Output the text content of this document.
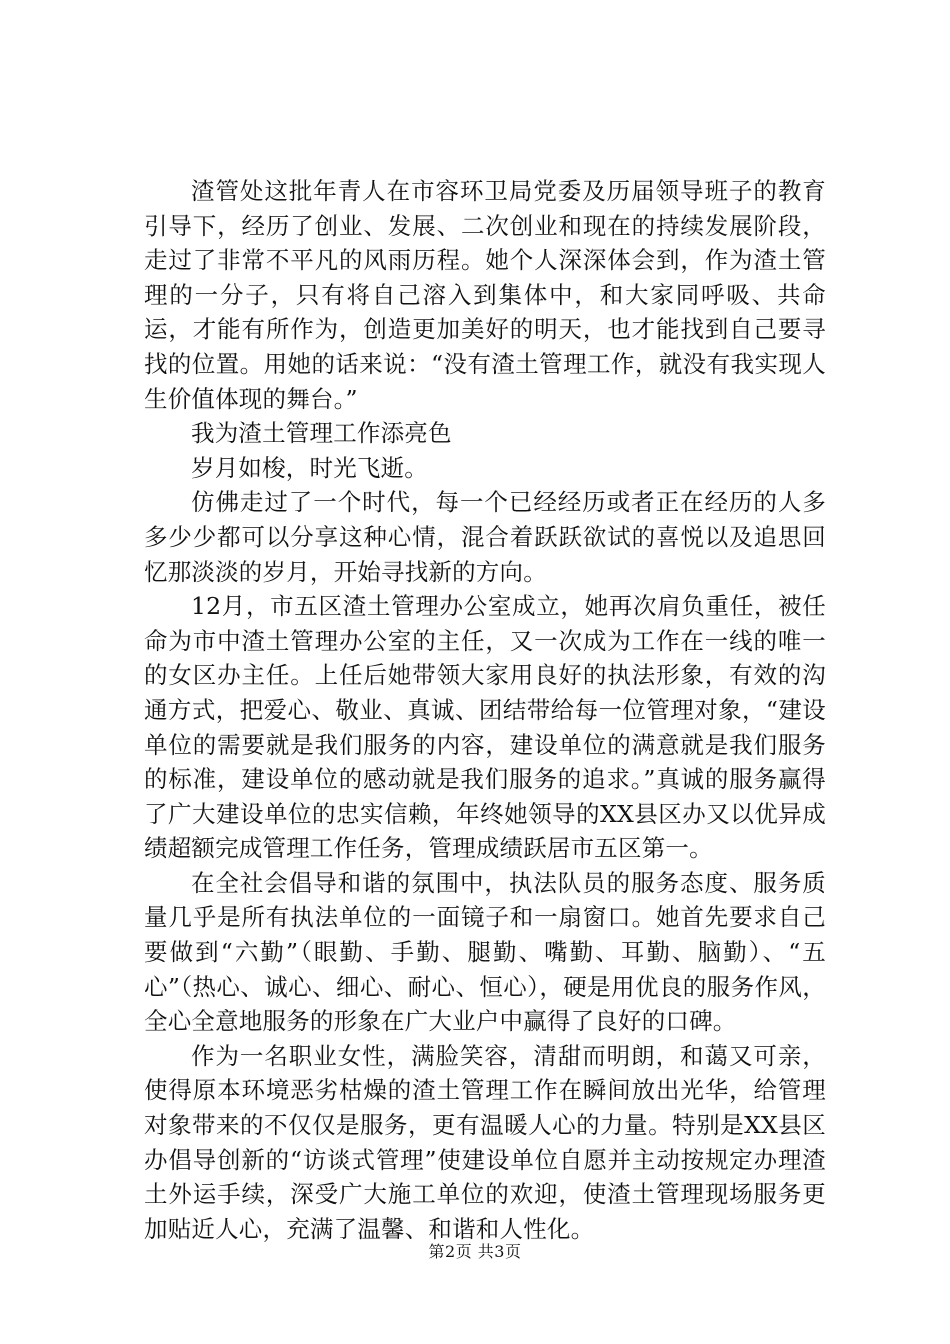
渣管处这批年青人在市容环卫局党委及历届领导班子的教育引导下，经历了创业、发展、二次创业和现在的持续发展阶段，走过了非常不平凡的风雨历程。她个人深深体会到，作为渣土管理的一分子，只有将自己溶入到集体中，和大家同呼吸、共命运，才能有所作为，创造更加美好的明天，也才能找到自己要寻找的位置。用她的话来说：“没有渣土管理工作，就没有我实现人生价值体现的舞台。”

我为渣土管理工作添亮色

岁月如梭，时光飞逝。

仿佛走过了一个时代，每一个已经经历或者正在经历的人多多少少都可以分享这种心情，混合着跃跃欲试的喜悦以及追思回忆那淡淡的岁月，开始寻找新的方向。

12月，市五区渣土管理办公室成立，她再次肩负重任，被任命为市中渣土管理办公室的主任，又一次成为工作在一线的唯一的女区办主任。上任后她带领大家用良好的执法形象，有效的沟通方式，把爱心、敬业、真诚、团结带给每一位管理对象，“建设单位的需要就是我们服务的内容，建设单位的满意就是我们服务的标准，建设单位的感动就是我们服务的追求。”真诚的服务赢得了广大建设单位的忠实信赖，年终她领导的XX县区办又以优异成绩超额完成管理工作任务，管理成绩跃居市五区第一。

在全社会倡导和谐的氛围中，执法队员的服务态度、服务质量几乎是所有执法单位的一面镜子和一扇窗口。她首先要求自己要做到“六勤”（眼勤、手勤、腿勤、嘴勤、耳勤、脑勤）、“五心”（热心、诚心、细心、耐心、恒心），硬是用优良的服务作风，全心全意地服务的形象在广大业户中赢得了良好的口碑。

作为一名职业女性，满脸笑容，清甜而明朗，和蔼又可亲，使得原本环境恶劣枯燥的渣土管理工作在瞬间放出光华，给管理对象带来的不仅仅是服务，更有温暖人心的力量。特别是XX县区办倡导创新的“访谈式管理”使建设单位自愿并主动按规定办理渣土外运手续，深受广大施工单位的欢迎，使渣土管理现场服务更加贴近人心，充满了温馨、和谐和人性化。

第2页 共3页
